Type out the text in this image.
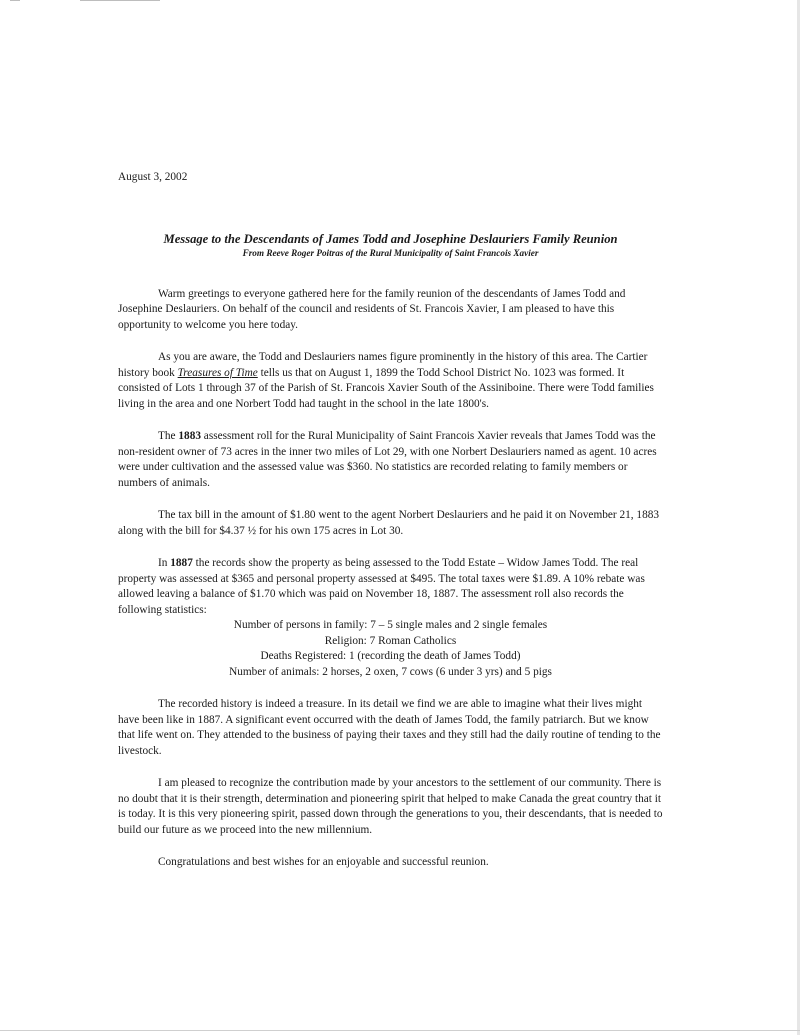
August 3, 2002
Message to the Descendants of James Todd and Josephine Deslauriers Family Reunion
From Reeve Roger Poitras of the Rural Municipality of Saint Francois Xavier

Warm greetings to everyone gathered here for the family reunion of the descendants of James Todd and Josephine Deslauriers. On behalf of the council and residents of St. Francois Xavier, I am pleased to have this opportunity to welcome you here today.

As you are aware, the Todd and Deslauriers names figure prominently in the history of this area. The Cartier history book Treasures of Time tells us that on August 1, 1899 the Todd School District No. 1023 was formed. It consisted of Lots 1 through 37 of the Parish of St. Francois Xavier South of the Assiniboine. There were Todd families living in the area and one Norbert Todd had taught in the school in the late 1800's.

The 1883 assessment roll for the Rural Municipality of Saint Francois Xavier reveals that James Todd was the non-resident owner of 73 acres in the inner two miles of Lot 29, with one Norbert Deslauriers named as agent. 10 acres were under cultivation and the assessed value was $360. No statistics are recorded relating to family members or numbers of animals.

The tax bill in the amount of $1.80 went to the agent Norbert Deslauriers and he paid it on November 21, 1883 along with the bill for $4.37 ½ for his own 175 acres in Lot 30.

In 1887 the records show the property as being assessed to the Todd Estate – Widow James Todd. The real property was assessed at $365 and personal property assessed at $495. The total taxes were $1.89. A 10% rebate was allowed leaving a balance of $1.70 which was paid on November 18, 1887. The assessment roll also records the following statistics:

Number of persons in family: 7 – 5 single males and 2 single females
Religion: 7 Roman Catholics
Deaths Registered: 1 (recording the death of James Todd)
Number of animals: 2 horses, 2 oxen, 7 cows (6 under 3 yrs) and 5 pigs

The recorded history is indeed a treasure. In its detail we find we are able to imagine what their lives might have been like in 1887. A significant event occurred with the death of James Todd, the family patriarch. But we know that life went on. They attended to the business of paying their taxes and they still had the daily routine of tending to the livestock.

I am pleased to recognize the contribution made by your ancestors to the settlement of our community. There is no doubt that it is their strength, determination and pioneering spirit that helped to make Canada the great country that it is today. It is this very pioneering spirit, passed down through the generations to you, their descendants, that is needed to build our future as we proceed into the new millennium.

Congratulations and best wishes for an enjoyable and successful reunion.
